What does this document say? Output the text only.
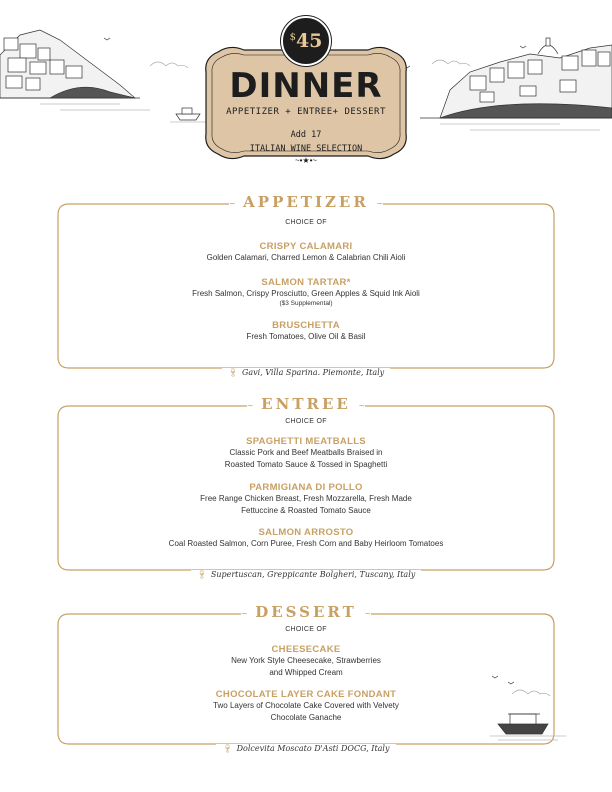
$ 45
DINNER
APPETIZER + ENTREE+ DESSERT
Add 17
ITALIAN WINE SELECTION
~•★•~
~ APPETIZER ~
CHOICE OF
CRISPY CALAMARI
Golden Calamari, Charred Lemon & Calabrian Chili Aioli
SALMON TARTAR*
Fresh Salmon, Crispy Prosciutto, Green Apples & Squid Ink Aioli
($3 Supplemental)
BRUSCHETTA
Fresh Tomatoes, Olive Oil & Basil
🍷︎ Gavi, Villa Sparina. Piemonte, Italy
~ ENTREE ~
CHOICE OF
SPAGHETTI MEATBALLS
Classic Pork and Beef Meatballs Braised in
Roasted Tomato Sauce & Tossed in Spaghetti
PARMIGIANA DI POLLO
Free Range Chicken Breast, Fresh Mozzarella, Fresh Made
Fettuccine & Roasted Tomato Sauce
SALMON ARROSTO
Coal Roasted Salmon, Corn Puree, Fresh Corn and Baby Heirloom Tomatoes
🍷︎ Supertuscan, Greppicante Bolgheri, Tuscany, Italy
~ DESSERT ~
CHOICE OF
CHEESECAKE
New York Style Cheesecake, Strawberries
and Whipped Cream
CHOCOLATE LAYER CAKE FONDANT
Two Layers of Chocolate Cake Covered with Velvety
Chocolate Ganache
🍷︎ Dolcevita Moscato D'Asti DOCG, Italy
